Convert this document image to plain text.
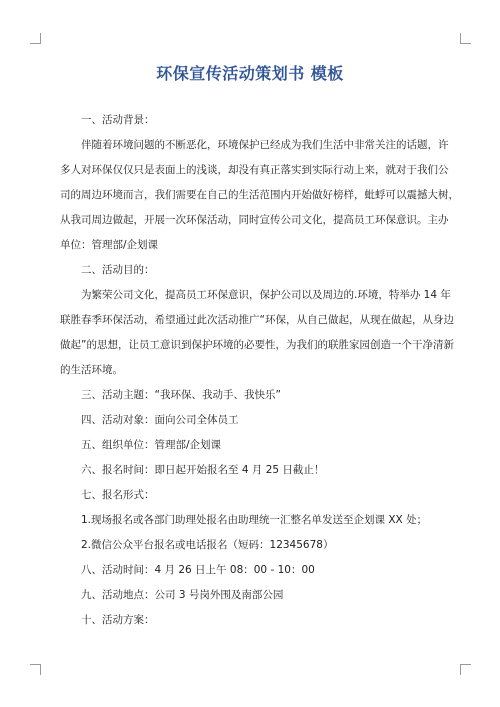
环保宣传活动策划书 模板

一、活动背景：

伴随着环境问题的不断恶化，环境保护已经成为我们生活中非常关注的话题，许

多人对环保仅仅只是表面上的浅谈，却没有真正落实到实际行动上来，就对于我们公

司的周边环境而言，我们需要在自己的生活范围内开始做好榜样，蚍蜉可以震撼大树，

从我司周边做起，开展一次环保活动，同时宣传公司文化，提高员工环保意识。主办

单位：管理部/企划课

二、活动目的：

为繁荣公司文化，提高员工环保意识，保护公司以及周边的.环境，特举办 14 年

联胜春季环保活动，希望通过此次活动推广“环保，从自己做起，从现在做起，从身边

做起”的思想，让员工意识到保护环境的必要性，为我们的联胜家园创造一个干净清新

的生活环境。

三、活动主题：“我环保、我动手、我快乐”

四、活动对象：面向公司全体员工

五、组织单位：管理部/企划课

六、报名时间：即日起开始报名至 4 月 25 日截止！

七、报名形式：

1.现场报名或各部门助理处报名由助理统一汇整名单发送至企划课 XX 处；

2.微信公众平台报名或电话报名（短码：12345678）

八、活动时间：4 月 26 日上午 08：00 - 10：00

九、活动地点：公司 3 号岗外围及南部公园

十、活动方案：
